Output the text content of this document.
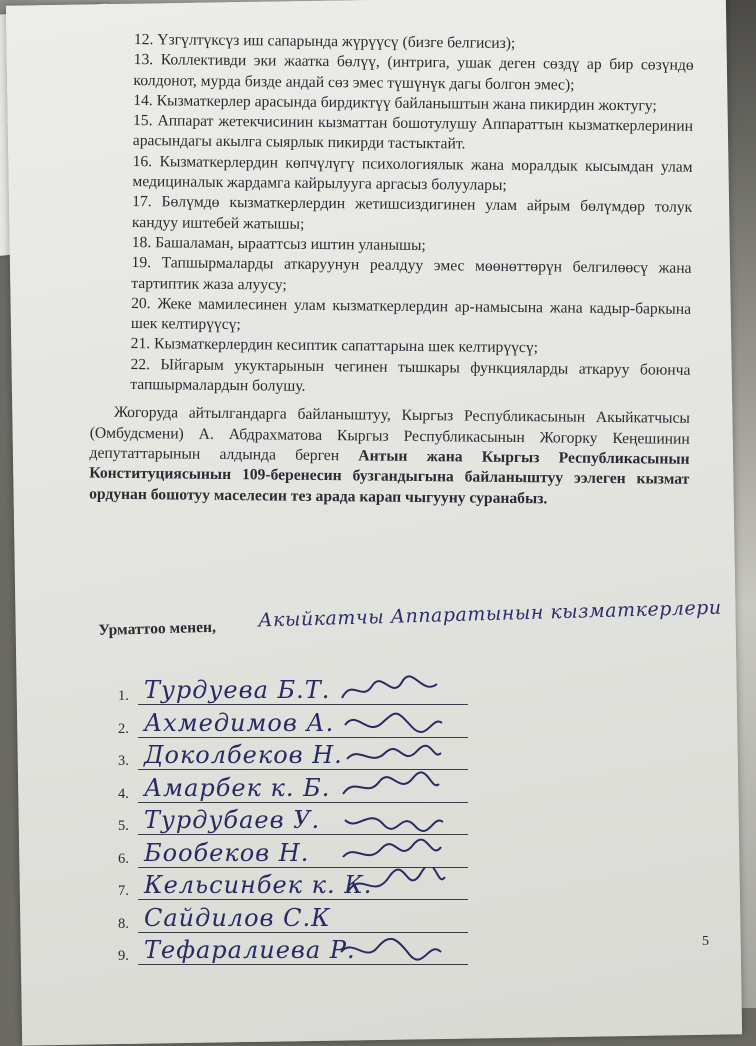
12. Үзгүлтүксүз иш сапарында жүрүүсү (бизге белгисиз);

13. Коллективди эки жаатка бөлүү, (интрига, ушак деген сөздү ар бир сөзүндө колдонот, мурда бизде андай сөз эмес түшүнүк дагы болгон эмес);

14. Кызматкерлер арасында бирдиктүү байланыштын жана пикирдин жоктугу;

15. Аппарат жетекчисинин кызматтан бошотулушу Аппараттын кызматкерлеринин арасындагы акылга сыярлык пикирди тастыктайт.

16. Кызматкерлердин көпчүлүгү психологиялык жана моралдык кысымдан улам медициналык жардамга кайрылууга аргасыз болуулары;

17. Бөлүмдө кызматкерлердин жетишсиздигинен улам айрым бөлүмдөр толук кандуу иштебей жатышы;

18. Башаламан, ырааттсыз иштин уланышы;

19. Тапшырмаларды аткаруунун реалдуу эмес мөөнөттөрүн белгилөөсү жана тартиптик жаза алуусу;

20. Жеке мамилесинен улам кызматкерлердин ар-намысына жана кадыр-баркына шек келтирүүсү;

21. Кызматкерлердин кесиптик сапаттарына шек келтирүүсү;

22. Ыйгарым укуктарынын чегинен тышкары функцияларды аткаруу боюнча тапшырмалардын болушу.

Жогоруда айтылгандарга байланыштуу, Кыргыз Республикасынын Акыйкатчысы (Омбудсмени) А. Абдрахматова Кыргыз Республикасынын Жогорку Кеңешинин депутаттарынын алдында берген Антын жана Кыргыз Республикасынын Конституциясынын 109-беренесин бузгандыгына байланыштуу ээлеген кызмат ордунан бошотуу маселесин тез арада карап чыгууну суранабыз.

Урматтоо менен, Акыйкатчы Аппаратынын кызматкерлери
1. Турдуева Б.Т.
2. Ахмедимов А.
3. Доколбеков Н.
4. Амарбек к. Б.
5. Турдубаев У.
6. Бообеков Н.
7. Кельсинбек к. К.
8. Сайдилов С.К
9. Тефаралиева Р.	5
